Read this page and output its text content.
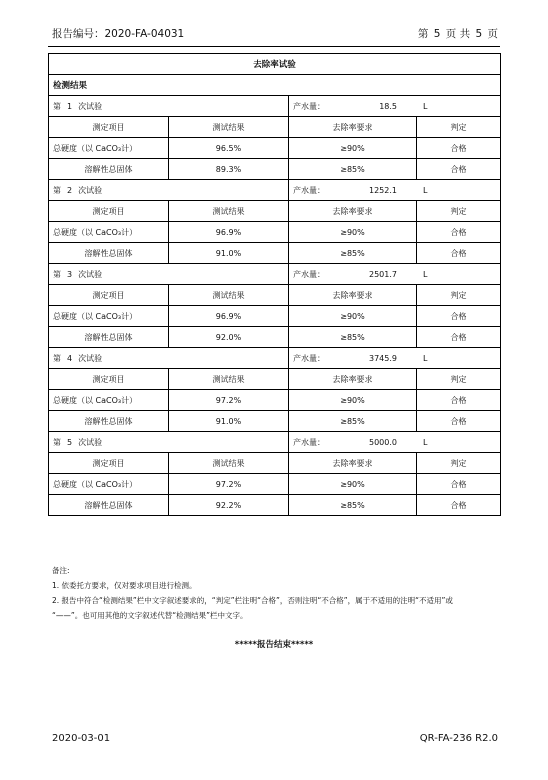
报告编号：2020-FA-04031	第 5 页 共 5 页
去除率试验			
检测结果			
第 1 次试验		产水量： 18.5 L	
测定项目	测试结果	去除率要求	判定
总硬度（以 CaCO₃计）	96.5%	≥90%	合格
溶解性总固体	89.3%	≥85%	合格
第 2 次试验		产水量： 1252.1 L	
测定项目	测试结果	去除率要求	判定
总硬度（以 CaCO₃计）	96.9%	≥90%	合格
溶解性总固体	91.0%	≥85%	合格
第 3 次试验		产水量： 2501.7 L	
测定项目	测试结果	去除率要求	判定
总硬度（以 CaCO₃计）	96.9%	≥90%	合格
溶解性总固体	92.0%	≥85%	合格
第 4 次试验		产水量： 3745.9 L	
测定项目	测试结果	去除率要求	判定
总硬度（以 CaCO₃计）	97.2%	≥90%	合格
溶解性总固体	91.0%	≥85%	合格
第 5 次试验		产水量： 5000.0 L	
测定项目	测试结果	去除率要求	判定
总硬度（以 CaCO₃计）	97.2%	≥90%	合格
溶解性总固体	92.2%	≥85%	合格
备注:
1. 依委托方要求，仅对要求项目进行检测。
2. 报告中符合“检测结果”栏中文字叙述要求的，“判定”栏注明“合格”，否则注明“不合格”，属于不适用的注明“不适用”或
“——”。也可用其他的文字叙述代替“检测结果”栏中文字。
*****报告结束*****
2020-03-01	QR-FA-236 R2.0
